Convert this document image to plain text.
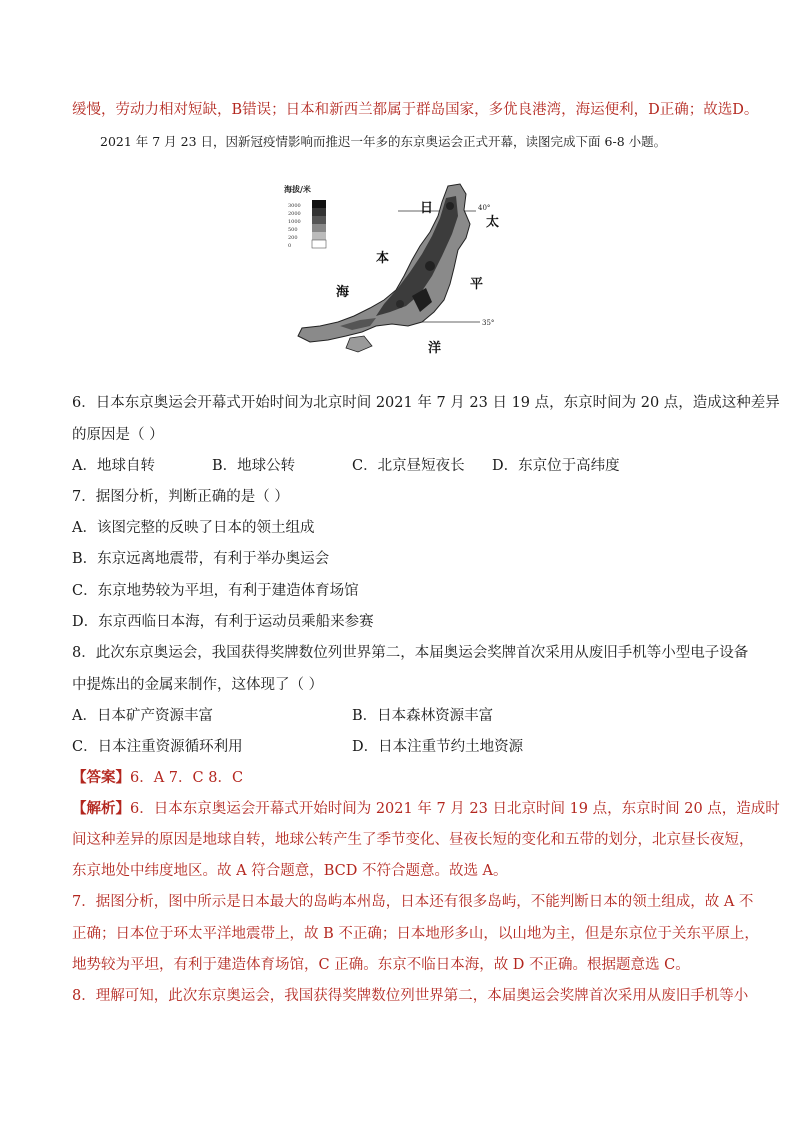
缓慢，劳动力相对短缺，B错误；日本和新西兰都属于群岛国家，多优良港湾，海运便利，D正确；故选D。
2021 年 7 月 23 日，因新冠疫情影响而推迟一年多的东京奥运会正式开幕，读图完成下面 6-8 小题。
海拔/米
3000
2000
1000
500
200
0
40°
35°
日
本
海
太
平
洋
6．日本东京奥运会开幕式开始时间为北京时间 2021 年 7 月 23 日 19 点，东京时间为 20 点，造成这种差异
的原因是（ ）
A．地球自转	B．地球公转	C．北京昼短夜长 D．东京位于高纬度
7．据图分析，判断正确的是（ ）
A．该图完整的反映了日本的领土组成
B．东京远离地震带，有利于举办奥运会
C．东京地势较为平坦，有利于建造体育场馆
D．东京西临日本海，有利于运动员乘船来参赛
8．此次东京奥运会，我国获得奖牌数位列世界第二，本届奥运会奖牌首次采用从废旧手机等小型电子设备
中提炼出的金属来制作，这体现了（ ）
A．日本矿产资源丰富	B．日本森林资源丰富
C．日本注重资源循环利用	D．日本注重节约土地资源
【答案】6．A 7．C 8．C
【解析】6．日本东京奥运会开幕式开始时间为 2021 年 7 月 23 日北京时间 19 点，东京时间 20 点，造成时
间这种差异的原因是地球自转，地球公转产生了季节变化、昼夜长短的变化和五带的划分，北京昼长夜短，
东京地处中纬度地区。故 A 符合题意，BCD 不符合题意。故选 A。
7．据图分析，图中所示是日本最大的岛屿本州岛，日本还有很多岛屿，不能判断日本的领土组成，故 A 不
正确；日本位于环太平洋地震带上，故 B 不正确；日本地形多山，以山地为主，但是东京位于关东平原上，
地势较为平坦，有利于建造体育场馆，C 正确。东京不临日本海，故 D 不正确。根据题意选 C。
8．理解可知，此次东京奥运会，我国获得奖牌数位列世界第二，本届奥运会奖牌首次采用从废旧手机等小
